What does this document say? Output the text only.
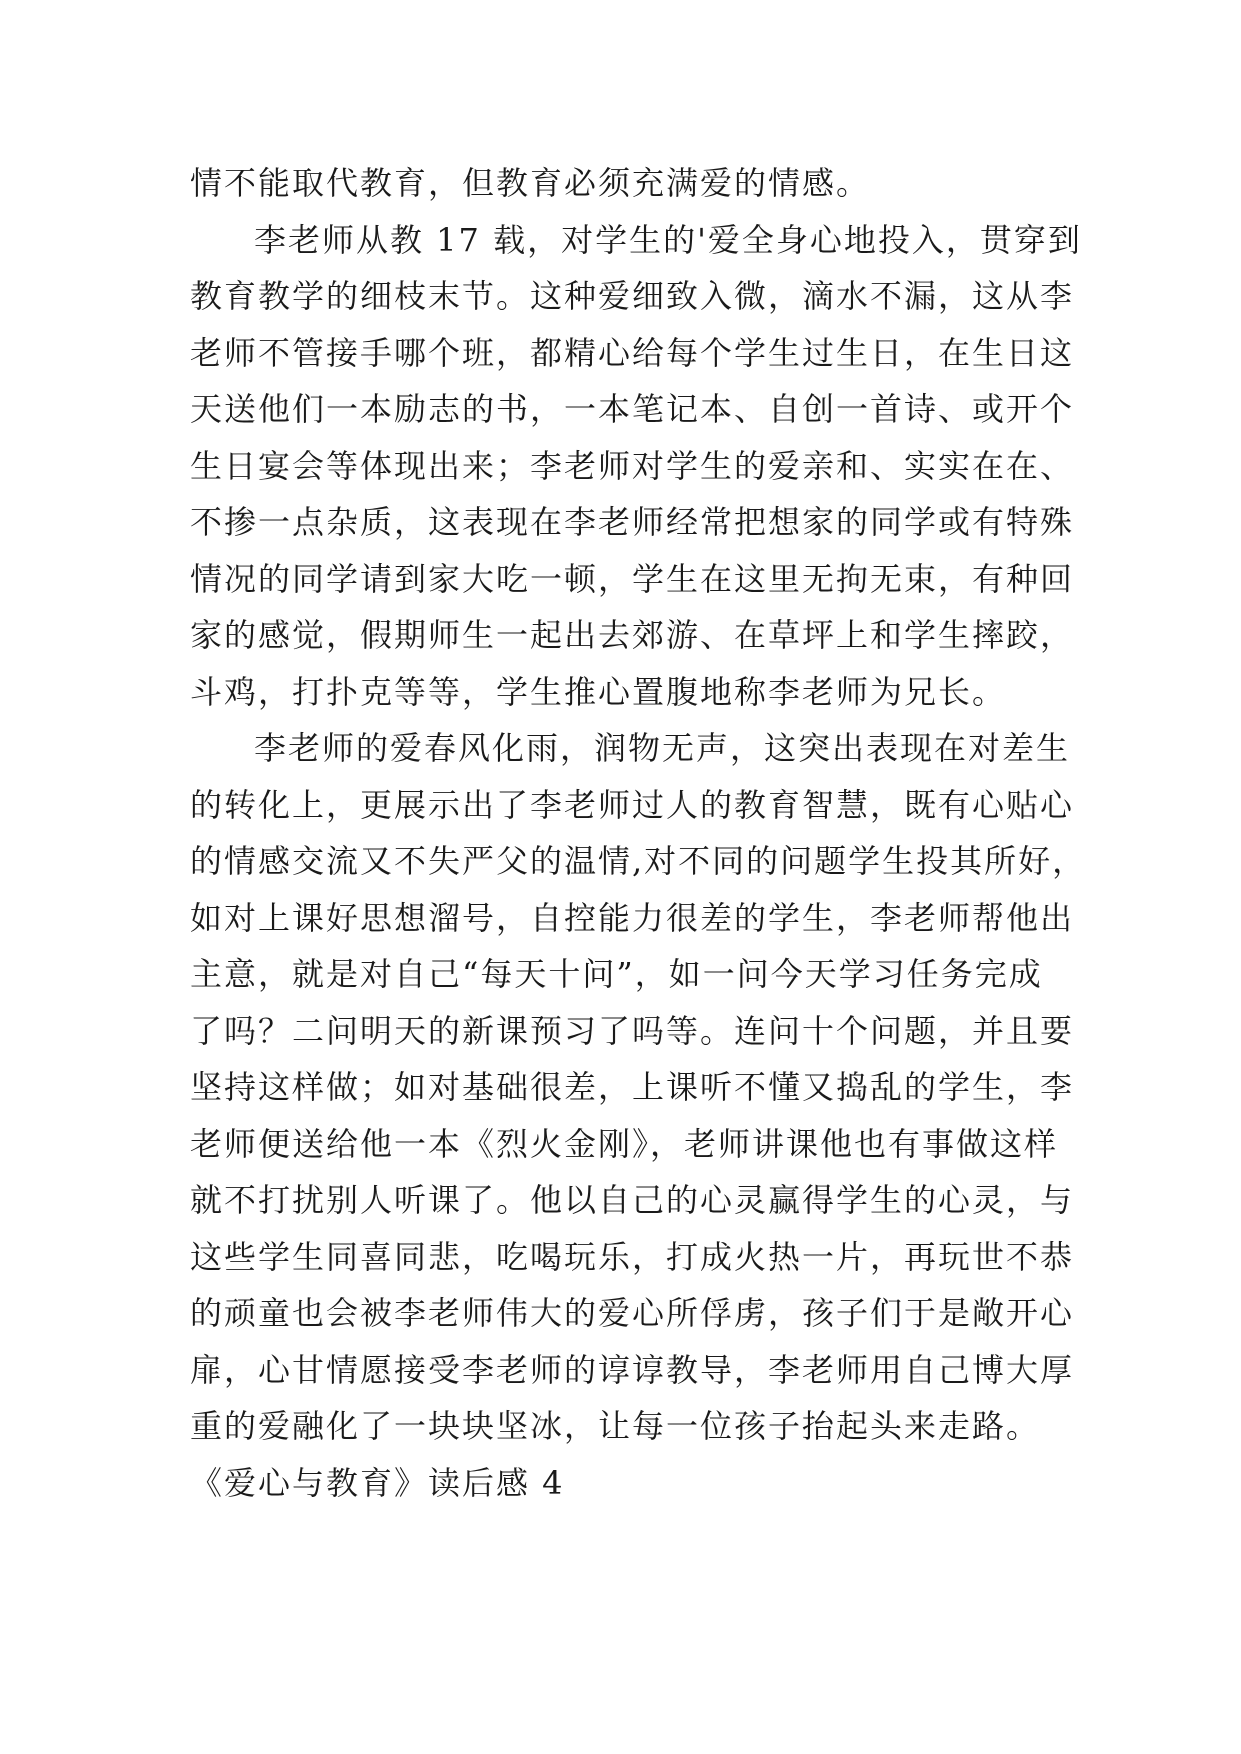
情不能取代教育，但教育必须充满爱的情感。
李老师从教 17 载，对学生的'爱全身心地投入，贯穿到
教育教学的细枝末节。这种爱细致入微，滴水不漏，这从李
老师不管接手哪个班，都精心给每个学生过生日，在生日这
天送他们一本励志的书，一本笔记本、自创一首诗、或开个
生日宴会等体现出来；李老师对学生的爱亲和、实实在在、
不掺一点杂质，这表现在李老师经常把想家的同学或有特殊
情况的同学请到家大吃一顿，学生在这里无拘无束，有种回
家的感觉，假期师生一起出去郊游、在草坪上和学生摔跤，
斗鸡，打扑克等等，学生推心置腹地称李老师为兄长。
李老师的爱春风化雨，润物无声，这突出表现在对差生
的转化上，更展示出了李老师过人的教育智慧，既有心贴心
的情感交流又不失严父的温情,对不同的问题学生投其所好，
如对上课好思想溜号，自控能力很差的学生，李老师帮他出
主意，就是对自己“每天十问”，如一问今天学习任务完成
了吗？二问明天的新课预习了吗等。连问十个问题，并且要
坚持这样做；如对基础很差，上课听不懂又捣乱的学生，李
老师便送给他一本《烈火金刚》，老师讲课他也有事做这样
就不打扰别人听课了。他以自己的心灵赢得学生的心灵，与
这些学生同喜同悲，吃喝玩乐，打成火热一片，再玩世不恭
的顽童也会被李老师伟大的爱心所俘虏，孩子们于是敞开心
扉，心甘情愿接受李老师的谆谆教导，李老师用自己博大厚
重的爱融化了一块块坚冰，让每一位孩子抬起头来走路。
《爱心与教育》读后感 4
